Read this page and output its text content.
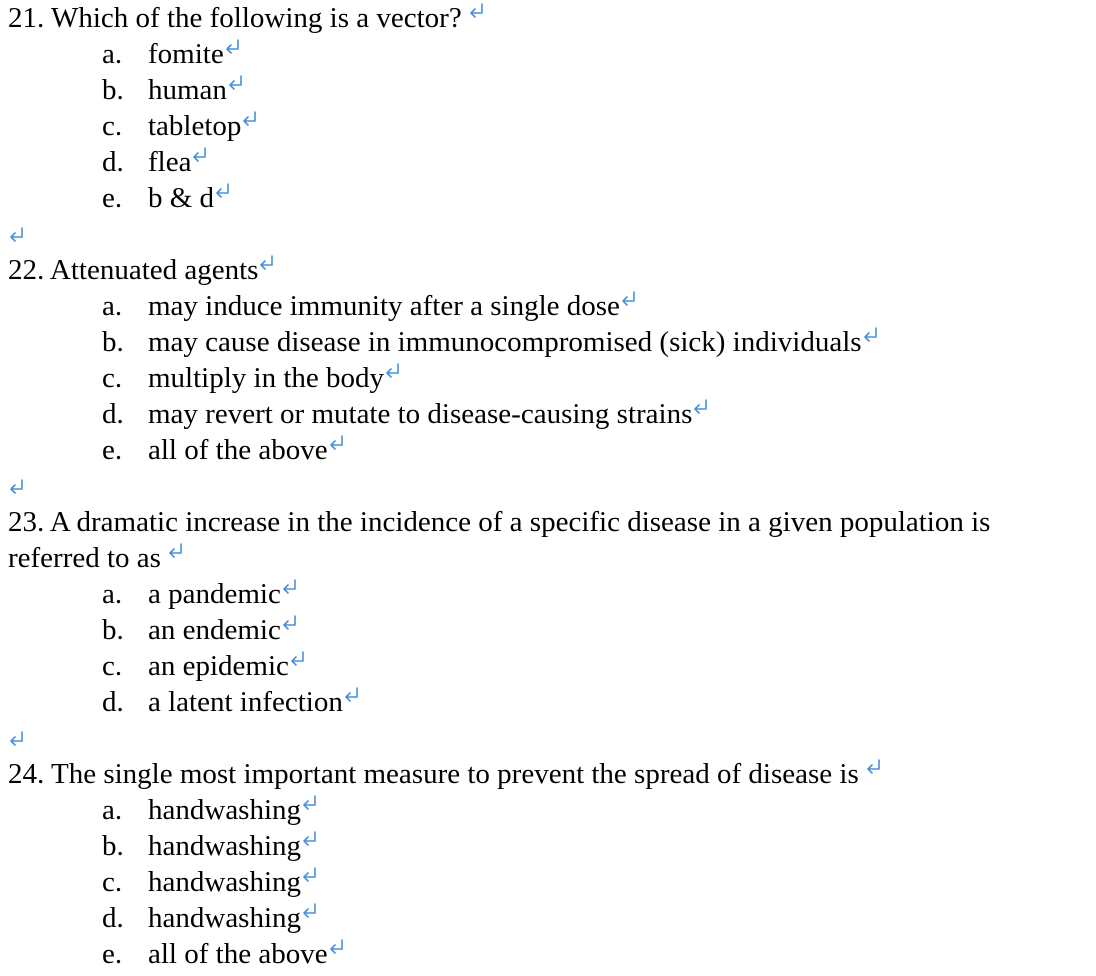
21. Which of the following is a vector?
a. fomite
b. human
c. tabletop
d. flea
e. b & d
22. Attenuated agents
a. may induce immunity after a single dose
b. may cause disease in immunocompromised (sick) individuals
c. multiply in the body
d. may revert or mutate to disease-causing strains
e. all of the above
23. A dramatic increase in the incidence of a specific disease in a given population is
referred to as
a. a pandemic
b. an endemic
c. an epidemic
d. a latent infection
24. The single most important measure to prevent the spread of disease is
a. handwashing
b. handwashing
c. handwashing
d. handwashing
e. all of the above
